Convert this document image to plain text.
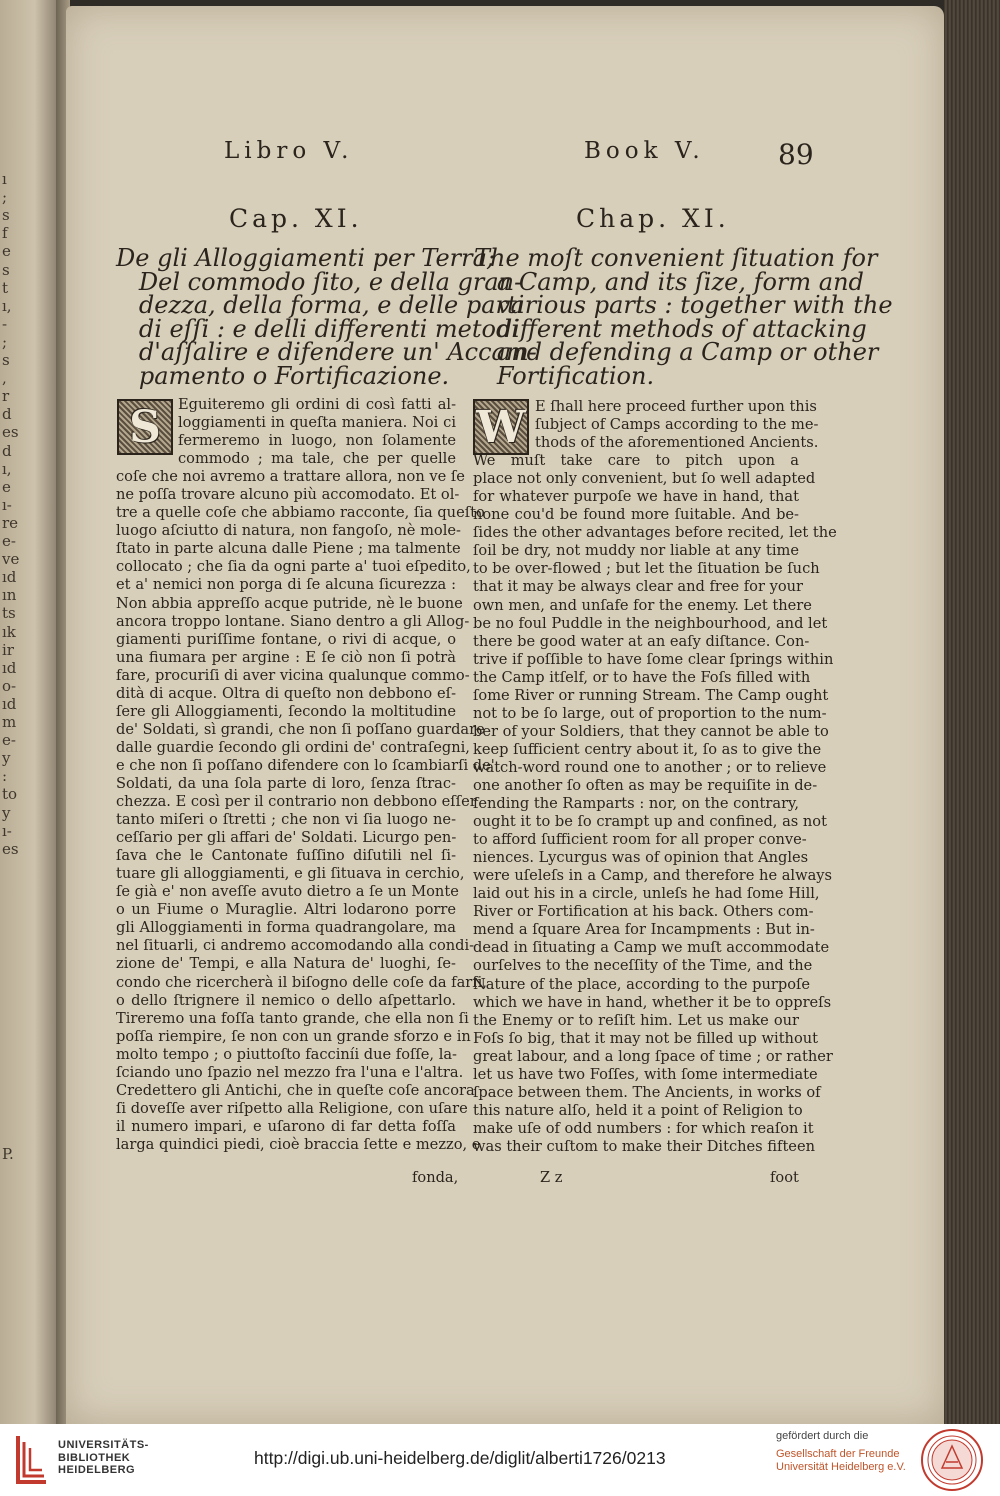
ı
;
s
f
e
s
t
ı,
-
;
s
,
r
d
es
d
ı,
e
ı-
re
e-
ve
ıd
ın
ts
ık
ir
ıd
o-
ıd
m
e-
y
:
to
y
ı-
es
P.
Libro V.	Book V.	89
Cap. XI.	Chap. XI.
De gli Alloggiamenti per Terra;
Del commodo ſito, e della gran-
dezza, della forma, e delle parti
di eſſi : e delli differenti metodi
d'aſſalire e difendere un' Accam-
pamento o Fortificazione.
The moſt convenient ſituation for
a Camp, and its ſize, form and
various parts : together with the
different methods of attacking
and defending a Camp or other
Fortification.
S	W
Eguiteremo gli ordini di così fatti al-
loggiamenti in queſta maniera. Noi ci
fermeremo in luogo, non ſolamente
commodo ; ma tale, che per quelle
coſe che noi avremo a trattare allora, non ve ſe
ne poſſa trovare alcuno più accomodato. Et ol-
tre a quelle coſe che abbiamo racconte, ſia queſto
luogo aſciutto di natura, non fangoſo, nè mole-
ſtato in parte alcuna dalle Piene ; ma talmente
collocato ; che ſia da ogni parte a' tuoi eſpedito,
et a' nemici non porga di ſe alcuna ſicurezza :
Non abbia appreſſo acque putride, nè le buone
ancora troppo lontane. Siano dentro a gli Allog-
giamenti puriſſime fontane, o rivi di acque, o
una fiumara per argine : E ſe ciò non ſi potrà
fare, procuriſi di aver vicina qualunque commo-
dità di acque. Oltra di queſto non debbono eſ-
ſere gli Alloggiamenti, ſecondo la moltitudine
de' Soldati, sì grandi, che non ſi poſſano guardare
dalle guardie ſecondo gli ordini de' contraſegni,
e che non ſi poſſano difendere con lo ſcambiarſi de'
Soldati, da una ſola parte di loro, ſenza ſtrac-
chezza. E così per il contrario non debbono eſſer
tanto miſeri o ſtretti ; che non vi ſia luogo ne-
ceſſario per gli affari de' Soldati. Licurgo pen-
ſava che le Cantonate fuſſino diſutili nel ſi-
tuare gli alloggiamenti, e gli ſituava in cerchio,
ſe già e' non aveſſe avuto dietro a ſe un Monte
o un Fiume o Muraglie. Altri lodarono porre
gli Alloggiamenti in forma quadrangolare, ma
nel ſituarli, ci andremo accomodando alla condi-
zione de' Tempi, e alla Natura de' luoghi, ſe-
condo che ricercherà il biſogno delle coſe da farſi,
o dello ſtrignere il nemico o dello aſpettarlo.
Tireremo una foſſa tanto grande, che ella non ſi
poſſa riempire, ſe non con un grande sforzo e in
molto tempo ; o piuttoſto facciníi due foſſe, la-
ſciando uno ſpazio nel mezzo fra l'una e l'altra.
Credettero gli Antichi, che in queſte coſe ancora
ſi doveſſe aver riſpetto alla Religione, con uſare
il numero impari, e uſarono di far detta foſſa
larga quindici piedi, cioè braccia ſette e mezzo, e
E ſhall here proceed further upon this
ſubject of Camps according to the me-
thods of the aforementioned Ancients.
We muſt take care to pitch upon a
place not only convenient, but ſo well adapted
for whatever purpoſe we have in hand, that
none cou'd be found more ſuitable. And be-
ſides the other advantages before recited, let the
ſoil be dry, not muddy nor liable at any time
to be over-flowed ; but let the ſituation be ſuch
that it may be always clear and free for your
own men, and unſafe for the enemy. Let there
be no foul Puddle in the neighbourhood, and let
there be good water at an eaſy diſtance. Con-
trive if poſſible to have ſome clear ſprings within
the Camp itſelf, or to have the Foſs filled with
ſome River or running Stream. The Camp ought
not to be ſo large, out of proportion to the num-
ber of your Soldiers, that they cannot be able to
keep ſufficient centry about it, ſo as to give the
watch-word round one to another ; or to relieve
one another ſo often as may be requiſite in de-
fending the Ramparts : nor, on the contrary,
ought it to be ſo crampt up and confined, as not
to afford ſufficient room for all proper conve-
niences. Lycurgus was of opinion that Angles
were uſeleſs in a Camp, and therefore he always
laid out his in a circle, unleſs he had ſome Hill,
River or Fortification at his back. Others com-
mend a ſquare Area for Incampments : But in-
dead in ſituating a Camp we muſt accommodate
ourſelves to the neceſſity of the Time, and the
Nature of the place, according to the purpoſe
which we have in hand, whether it be to oppreſs
the Enemy or to reſiſt him. Let us make our
Foſs ſo big, that it may not be filled up without
great labour, and a long ſpace of time ; or rather
let us have two Foſſes, with ſome intermediate
ſpace between them. The Ancients, in works of
this nature alſo, held it a point of Religion to
make uſe of odd numbers : for which reaſon it
was their cuſtom to make their Ditches fifteen
fonda,	Z z	foot
UNIVERSITÄTS-
BIBLIOTHEK
HEIDELBERG
http://digi.ub.uni-heidelberg.de/diglit/alberti1726/0213
gefördert durch die
Gesellschaft der Freunde
Universität Heidelberg e.V.
